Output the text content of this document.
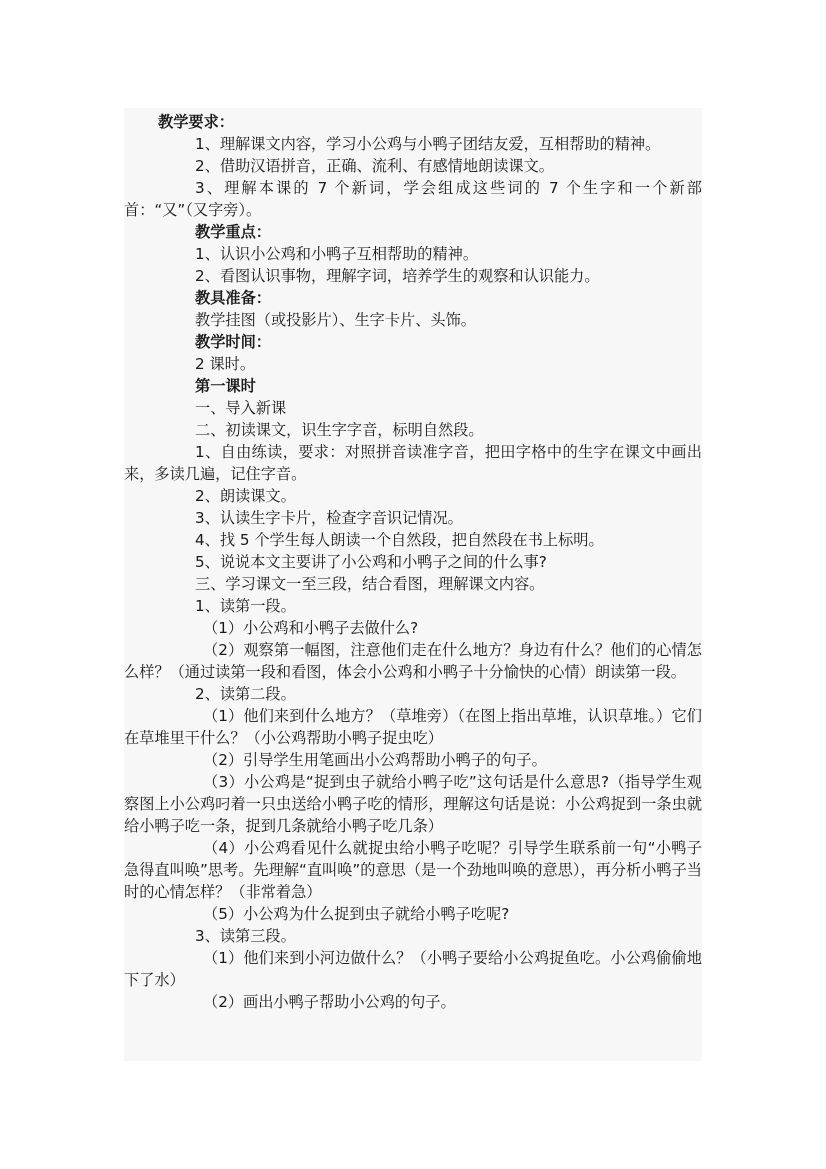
教学要求：

1、理解课文内容，学习小公鸡与小鸭子团结友爱，互相帮助的精神。

2、借助汉语拼音，正确、流利、有感情地朗读课文。

3、理解本课的 7 个新词，学会组成这些词的 7 个生字和一个新部首：“又”（又字旁）。

教学重点：

1、认识小公鸡和小鸭子互相帮助的精神。

2、看图认识事物，理解字词，培养学生的观察和认识能力。

教具准备：

教学挂图（或投影片）、生字卡片、头饰。

教学时间：

2 课时。

第一课时

一、导入新课

二、初读课文，识生字字音，标明自然段。

1、自由练读，要求：对照拼音读准字音，把田字格中的生字在课文中画出来，多读几遍，记住字音。

2、朗读课文。

3、认读生字卡片，检查字音识记情况。

4、找 5 个学生每人朗读一个自然段，把自然段在书上标明。

5、说说本文主要讲了小公鸡和小鸭子之间的什么事?

三、学习课文一至三段，结合看图，理解课文内容。

1、读第一段。

（1）小公鸡和小鸭子去做什么?

（2）观察第一幅图，注意他们走在什么地方？身边有什么？他们的心情怎么样？（通过读第一段和看图，体会小公鸡和小鸭子十分愉快的心情）朗读第一段。

2、读第二段。

（1）他们来到什么地方？（草堆旁）（在图上指出草堆，认识草堆。）它们在草堆里干什么？（小公鸡帮助小鸭子捉虫吃）

（2）引导学生用笔画出小公鸡帮助小鸭子的句子。

（3）小公鸡是“捉到虫子就给小鸭子吃”这句话是什么意思?（指导学生观察图上小公鸡叼着一只虫送给小鸭子吃的情形，理解这句话是说：小公鸡捉到一条虫就给小鸭子吃一条，捉到几条就给小鸭子吃几条）

（4）小公鸡看见什么就捉虫给小鸭子吃呢？引导学生联系前一句“小鸭子急得直叫唤”思考。先理解“直叫唤”的意思（是一个劲地叫唤的意思），再分析小鸭子当时的心情怎样？（非常着急）

（5）小公鸡为什么捉到虫子就给小鸭子吃呢?

3、读第三段。

（1）他们来到小河边做什么？（小鸭子要给小公鸡捉鱼吃。小公鸡偷偷地下了水）

（2）画出小鸭子帮助小公鸡的句子。
